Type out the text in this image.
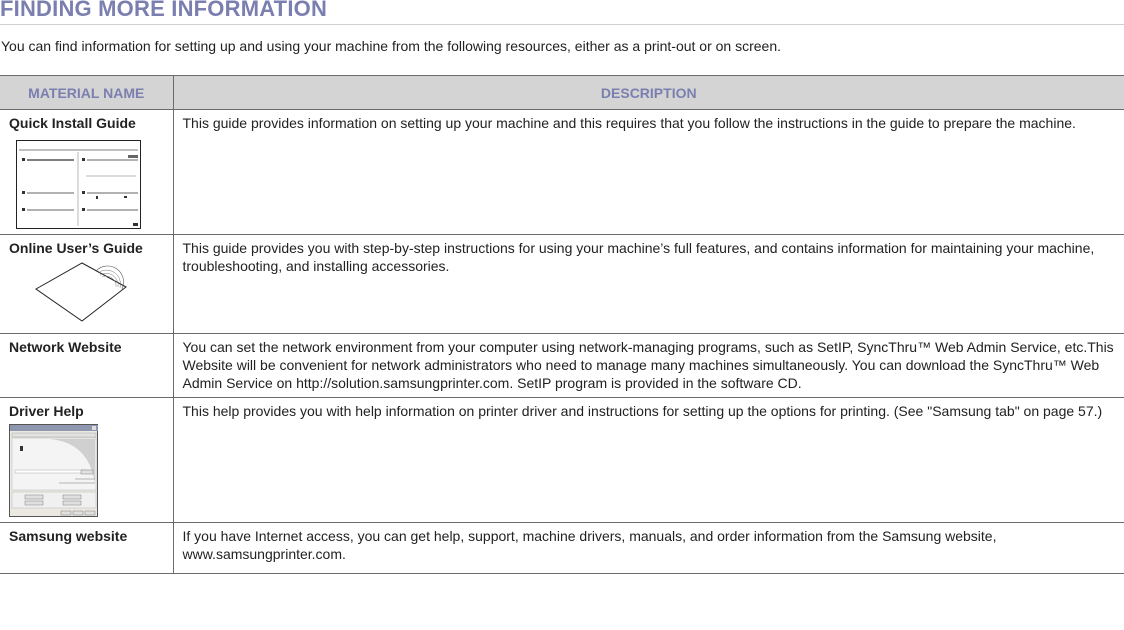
FINDING MORE INFORMATION
You can find information for setting up and using your machine from the following resources, either as a print-out or on screen.
MATERIAL NAME	DESCRIPTION

Quick Install Guide	This guide provides information on setting up your machine and this requires that you follow the instructions in the guide to prepare the machine.

Online User’s Guide	This guide provides you with step-by-step instructions for using your machine’s full features, and contains information for maintaining your machine, troubleshooting, and installing accessories.

Network Website	You can set the network environment from your computer using network-managing programs, such as SetIP, SyncThru™ Web Admin Service, etc.This Website will be convenient for network administrators who need to manage many machines simultaneously. You can download the SyncThru™ Web Admin Service on http://solution.samsungprinter.com. SetIP program is provided in the software CD.

Driver Help	This help provides you with help information on printer driver and instructions for setting up the options for printing. (See "Samsung tab" on page 57.)

Samsung website	If you have Internet access, you can get help, support, machine drivers, manuals, and order information from the Samsung website, www.samsungprinter.com.
